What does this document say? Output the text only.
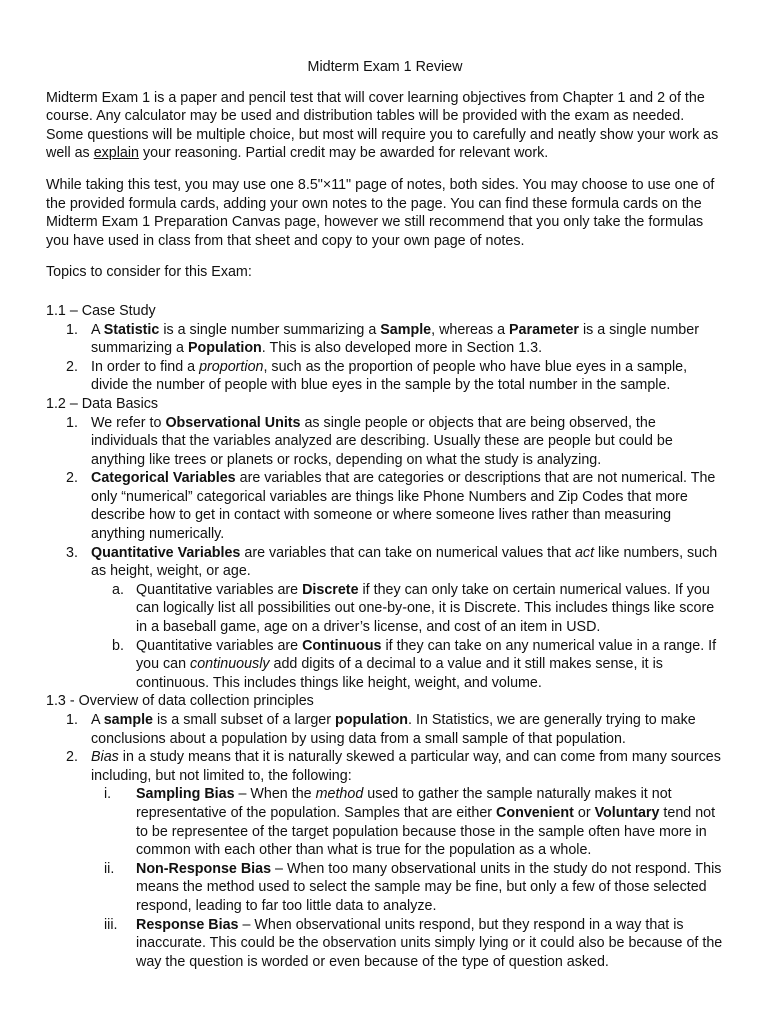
Midterm Exam 1 Review

Midterm Exam 1 is a paper and pencil test that will cover learning objectives from Chapter 1 and 2 of the course. Any calculator may be used and distribution tables will be provided with the exam as needed. Some questions will be multiple choice, but most will require you to carefully and neatly show your work as well as explain your reasoning. Partial credit may be awarded for relevant work.

While taking this test, you may use one 8.5"×11" page of notes, both sides. You may choose to use one of the provided formula cards, adding your own notes to the page. You can find these formula cards on the Midterm Exam 1 Preparation Canvas page, however we still recommend that you only take the formulas you have used in class from that sheet and copy to your own page of notes.

Topics to consider for this Exam:

1.1 – Case Study
1. A Statistic is a single number summarizing a Sample, whereas a Parameter is a single number summarizing a Population. This is also developed more in Section 1.3.
2. In order to find a proportion, such as the proportion of people who have blue eyes in a sample, divide the number of people with blue eyes in the sample by the total number in the sample.
1.2 – Data Basics
1. We refer to Observational Units as single people or objects that are being observed, the individuals that the variables analyzed are describing. Usually these are people but could be anything like trees or planets or rocks, depending on what the study is analyzing.
2. Categorical Variables are variables that are categories or descriptions that are not numerical. The only “numerical” categorical variables are things like Phone Numbers and Zip Codes that more describe how to get in contact with someone or where someone lives rather than measuring anything numerically.
3. Quantitative Variables are variables that can take on numerical values that act like numbers, such as height, weight, or age.
a. Quantitative variables are Discrete if they can only take on certain numerical values. If you can logically list all possibilities out one-by-one, it is Discrete. This includes things like score in a baseball game, age on a driver’s license, and cost of an item in USD.
b. Quantitative variables are Continuous if they can take on any numerical value in a range. If you can continuously add digits of a decimal to a value and it still makes sense, it is continuous. This includes things like height, weight, and volume.
1.3 - Overview of data collection principles
1. A sample is a small subset of a larger population. In Statistics, we are generally trying to make conclusions about a population by using data from a small sample of that population.
2. Bias in a study means that it is naturally skewed a particular way, and can come from many sources including, but not limited to, the following:
i. Sampling Bias – When the method used to gather the sample naturally makes it not representative of the population. Samples that are either Convenient or Voluntary tend not to be representee of the target population because those in the sample often have more in common with each other than what is true for the population as a whole.
ii. Non-Response Bias – When too many observational units in the study do not respond. This means the method used to select the sample may be fine, but only a few of those selected respond, leading to far too little data to analyze.
iii. Response Bias – When observational units respond, but they respond in a way that is inaccurate. This could be the observation units simply lying or it could also be because of the way the question is worded or even because of the type of question asked.
